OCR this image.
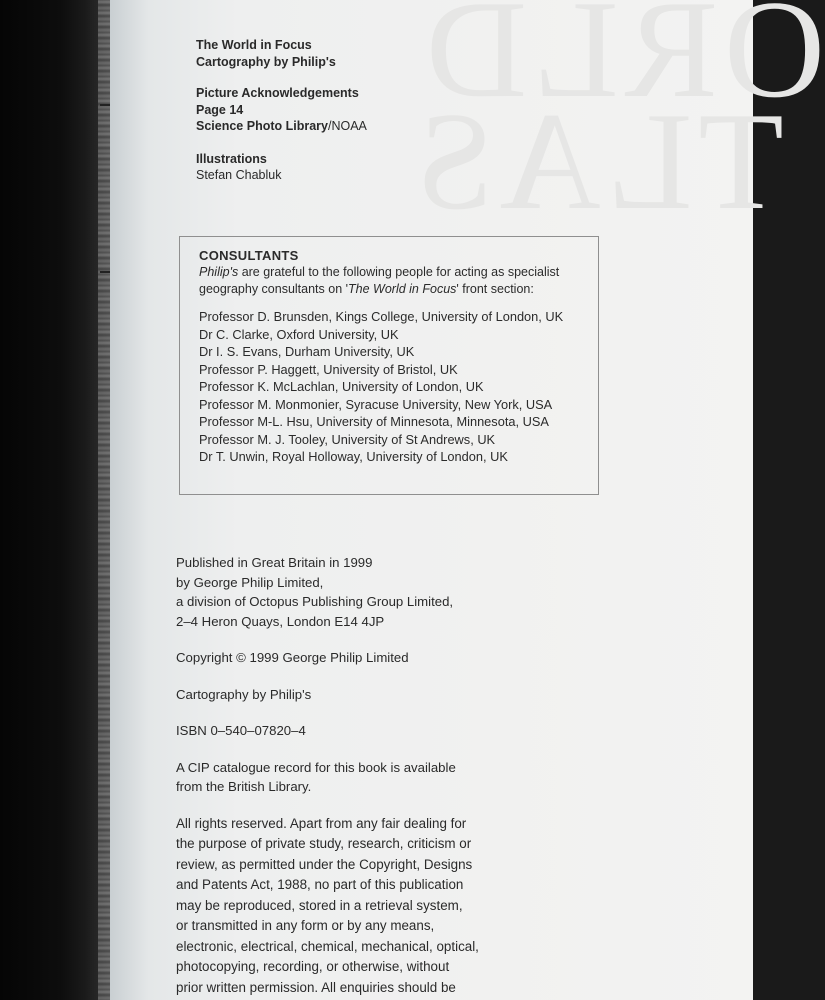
ORLD
TLAS
The World in Focus
Cartography by Philip's
Picture Acknowledgements
Page 14
Science Photo Library/NOAA
Illustrations
Stefan Chabluk
CONSULTANTS
Philip's are grateful to the following people for acting as specialist
geography consultants on 'The World in Focus' front section:
Professor D. Brunsden, Kings College, University of London, UK
Dr C. Clarke, Oxford University, UK
Dr I. S. Evans, Durham University, UK
Professor P. Haggett, University of Bristol, UK
Professor K. McLachlan, University of London, UK
Professor M. Monmonier, Syracuse University, New York, USA
Professor M-L. Hsu, University of Minnesota, Minnesota, USA
Professor M. J. Tooley, University of St Andrews, UK
Dr T. Unwin, Royal Holloway, University of London, UK
Published in Great Britain in 1999
by George Philip Limited,
a division of Octopus Publishing Group Limited,
2–4 Heron Quays, London E14 4JP
Copyright © 1999 George Philip Limited
Cartography by Philip's
ISBN 0–540–07820–4
A CIP catalogue record for this book is available
from the British Library.
All rights reserved. Apart from any fair dealing for
the purpose of private study, research, criticism or
review, as permitted under the Copyright, Designs
and Patents Act, 1988, no part of this publication
may be reproduced, stored in a retrieval system,
or transmitted in any form or by any means,
electronic, electrical, chemical, mechanical, optical,
photocopying, recording, or otherwise, without
prior written permission. All enquiries should be
